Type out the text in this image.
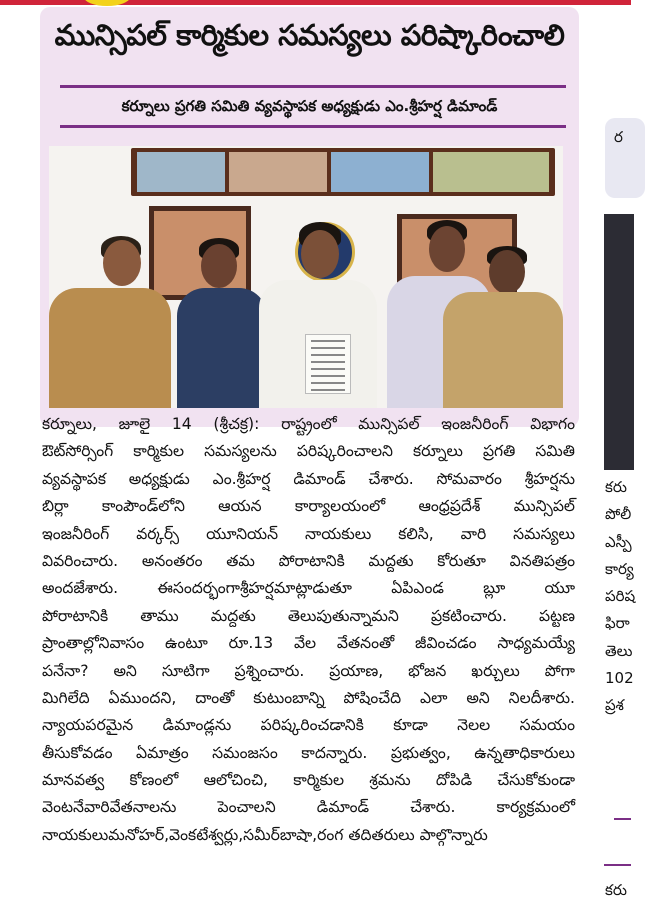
మున్సిపల్ కార్మికుల సమస్యలు పరిష్కారించాలి
కర్నూలు ప్రగతి సమితి వ్యవస్థాపక అధ్యక్షుడు ఎం.శ్రీహర్ష డిమాండ్
కర్నూలు, జూలై 14 (శ్రీచక్ర): రాష్ట్రంలో మున్సిపల్ ఇంజనీరింగ్ విభాగం
ఔట్‌సోర్సింగ్ కార్మికుల సమస్యలను పరిష్కరించాలని కర్నూలు ప్రగతి సమితి
వ్యవస్థాపక అధ్యక్షుడు ఎం.శ్రీహర్ష డిమాండ్ చేశారు. సోమవారం శ్రీహర్షను
బిర్లా కాంపౌండ్‌లోని ఆయన కార్యాలయంలో ఆంధ్రప్రదేశ్ మున్సిపల్
ఇంజనీరింగ్ వర్కర్స్ యూనియన్ నాయకులు కలిసి, వారి సమస్యలు
వివరించారు. అనంతరం తమ పోరాటానికి మద్దతు కోరుతూ వినతిపత్రం
అందజేశారు. ఈసందర్భంగాశ్రీహర్షమాట్లాడుతూ ఏపిఎండ బ్లూ యూ
పోరాటానికి తాము మద్దతు తెలుపుతున్నామని ప్రకటించారు. పట్టణ
ప్రాంతాల్లోనివాసం ఉంటూ రూ.13 వేల వేతనంతో జీవించడం సాధ్యమయ్యే
పనేనా? అని సూటిగా ప్రశ్నించారు. ప్రయాణ, భోజన ఖర్చులు పోగా
మిగిలేది ఏముందని, దాంతో కుటుంబాన్ని పోషించేది ఎలా అని నిలదీశారు.
న్యాయపరమైన డిమాండ్లను పరిష్కరించడానికి కూడా నెలల సమయం
తీసుకోవడం ఏమాత్రం సమంజసం కాదన్నారు. ప్రభుత్వం, ఉన్నతాధికారులు
మానవత్వ కోణంలో ఆలోచించి, కార్మికుల శ్రమను దోపిడి చేసుకోకుండా
వెంటనేవారివేతనాలను పెంచాలని డిమాండ్ చేశారు. కార్యక్రమంలో
నాయకులుమనోహర్,వెంకటేశ్వర్లు,సమీర్‌బాషా,రంగ తదితరులు పాల్గొన్నారు
ర
కరు
పోలీ
ఎస్పీ
కార్య
పరిష
ఫిరా
తెలు
102
ప్రశ
కరు
